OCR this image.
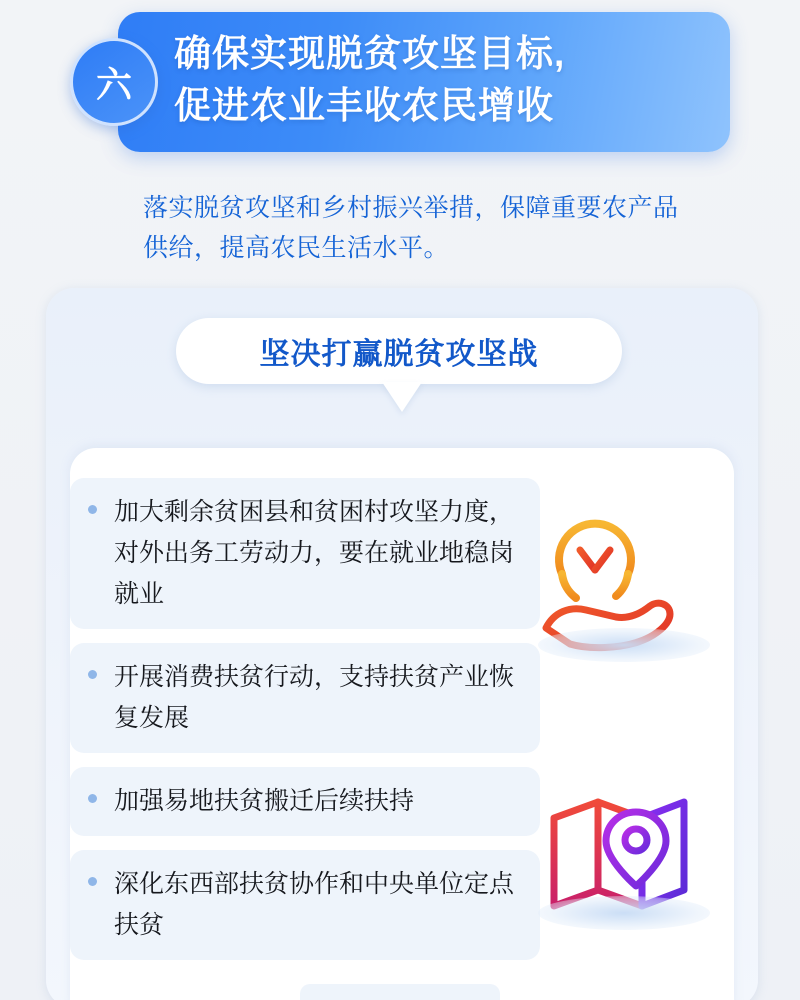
确保实现脱贫攻坚目标,
促进农业丰收农民增收
六
落实脱贫攻坚和乡村振兴举措，保障重要农产品供给，提高农民生活水平。
坚决打赢脱贫攻坚战
加大剩余贫困县和贫困村攻坚力度，对外出务工劳动力，要在就业地稳岗就业
开展消费扶贫行动，支持扶贫产业恢复发展
加强易地扶贫搬迁后续扶持
深化东西部扶贫协作和中央单位定点扶贫
